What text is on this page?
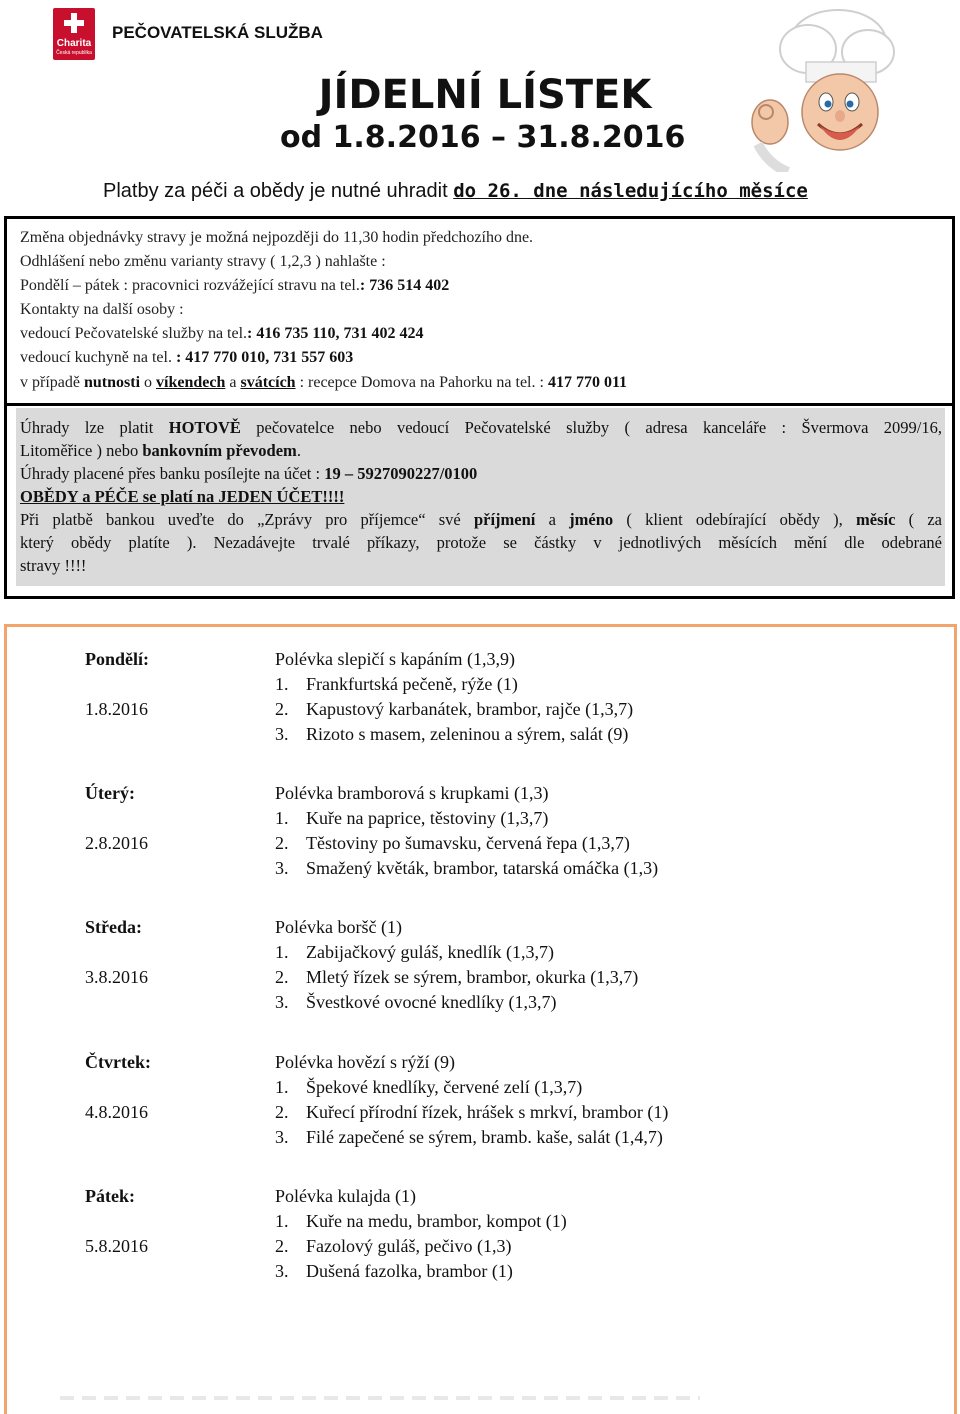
Charita
Česká republika
PEČOVATELSKÁ SLUŽBA
JÍDELNÍ LÍSTEK
od 1.8.2016 – 31.8.2016
Platby za péči a obědy je nutné uhradit do 26. dne následujícího měsíce
Změna objednávky stravy je možná nejpozději do 11,30 hodin předchozího dne.
Odhlášení nebo změnu varianty stravy ( 1,2,3 ) nahlašte :
Pondělí – pátek : pracovnici rozvážející stravu na tel.: 736 514 402
Kontakty na další osoby :
vedoucí Pečovatelské služby na tel.: 416 735 110, 731 402 424
vedoucí kuchyně na tel. : 417 770 010, 731 557 603
v případě nutnosti o víkendech a svátcích : recepce Domova na Pahorku na tel. : 417 770 011
Úhrady lze platit HOTOVĚ pečovatelce nebo vedoucí Pečovatelské služby ( adresa kanceláře : Švermova 2099/16,
Litoměřice ) nebo bankovním převodem.
Úhrady placené přes banku posílejte na účet : 19 – 5927090227/0100
OBĚDY a PÉČE se platí na JEDEN ÚČET!!!!
Při platbě bankou uveďte do „Zprávy pro příjemce“ své příjmení a jméno ( klient odebírající obědy ), měsíc ( za
který obědy platíte ). Nezadávejte trvalé příkazy, protože se částky v jednotlivých měsících mění dle odebrané
stravy !!!!
Pondělí:
1.8.2016
Polévka slepičí s kapáním (1,3,9)
1. Frankfurtská pečeně, rýže (1)
2. Kapustový karbanátek, brambor, rajče (1,3,7)
3. Rizoto s masem, zeleninou a sýrem, salát (9)
Úterý:
2.8.2016
Polévka bramborová s krupkami (1,3)
1. Kuře na paprice, těstoviny (1,3,7)
2. Těstoviny po šumavsku, červená řepa (1,3,7)
3. Smažený květák, brambor, tatarská omáčka (1,3)
Středa:
3.8.2016
Polévka boršč (1)
1. Zabijačkový guláš, knedlík (1,3,7)
2. Mletý řízek se sýrem, brambor, okurka (1,3,7)
3. Švestkové ovocné knedlíky (1,3,7)
Čtvrtek:
4.8.2016
Polévka hovězí s rýží (9)
1. Špekové knedlíky, červené zelí (1,3,7)
2. Kuřecí přírodní řízek, hrášek s mrkví, brambor (1)
3. Filé zapečené se sýrem, bramb. kaše, salát (1,4,7)
Pátek:
5.8.2016
Polévka kulajda (1)
1. Kuře na medu, brambor, kompot (1)
2. Fazolový guláš, pečivo (1,3)
3. Dušená fazolka, brambor (1)
